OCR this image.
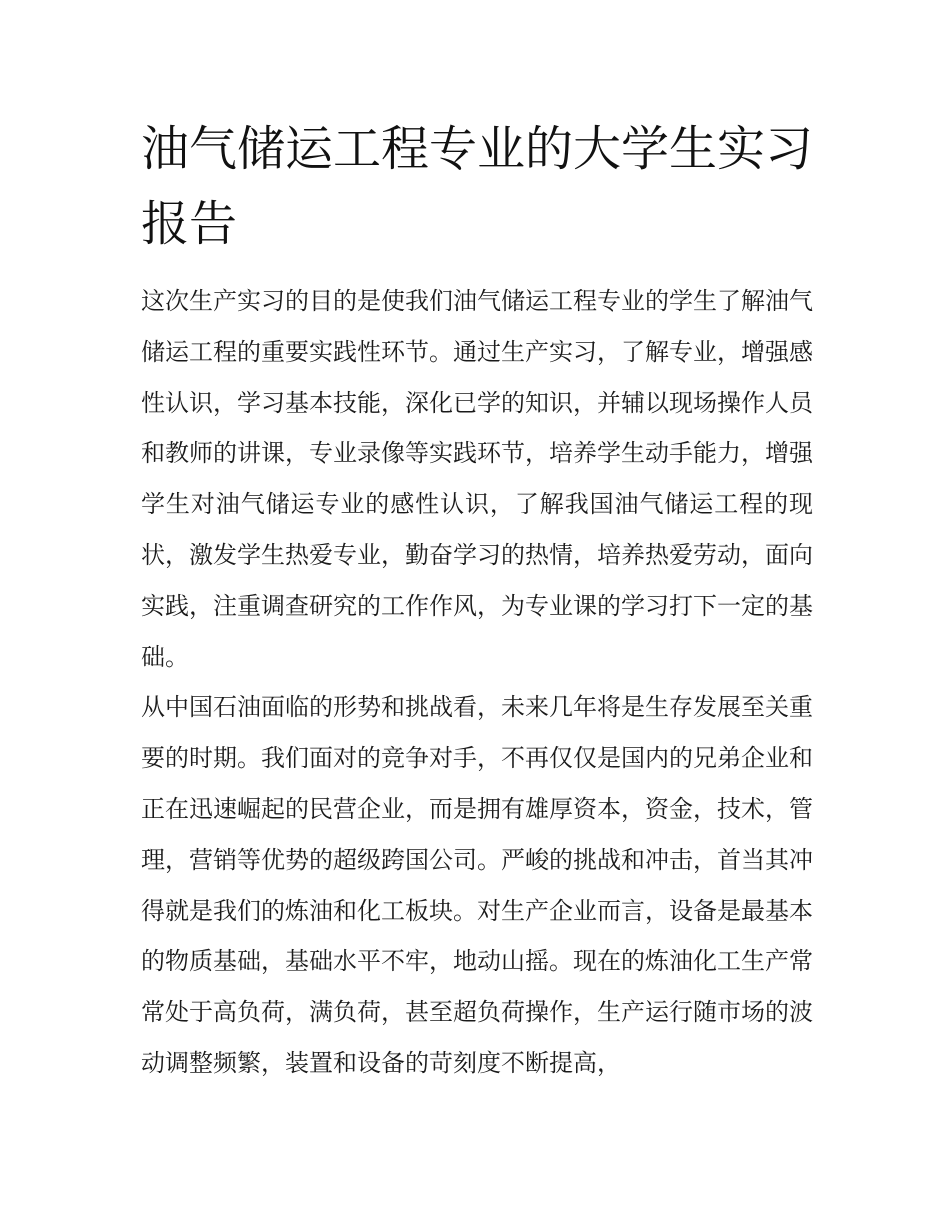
油气储运工程专业的大学生实习报告

这次生产实习的目的是使我们油气储运工程专业的学生了解油气储运工程的重要实践性环节。通过生产实习，了解专业，增强感性认识，学习基本技能，深化已学的知识，并辅以现场操作人员和教师的讲课，专业录像等实践环节，培养学生动手能力，增强学生对油气储运专业的感性认识，了解我国油气储运工程的现状，激发学生热爱专业，勤奋学习的热情，培养热爱劳动，面向实践，注重调查研究的工作作风，为专业课的学习打下一定的基础。

从中国石油面临的形势和挑战看，未来几年将是生存发展至关重要的时期。我们面对的竞争对手，不再仅仅是国内的兄弟企业和正在迅速崛起的民营企业，而是拥有雄厚资本，资金，技术，管理，营销等优势的超级跨国公司。严峻的挑战和冲击，首当其冲得就是我们的炼油和化工板块。对生产企业而言，设备是最基本的物质基础，基础水平不牢，地动山摇。现在的炼油化工生产常常处于高负荷，满负荷，甚至超负荷操作，生产运行随市场的波动调整频繁，装置和设备的苛刻度不断提高，
